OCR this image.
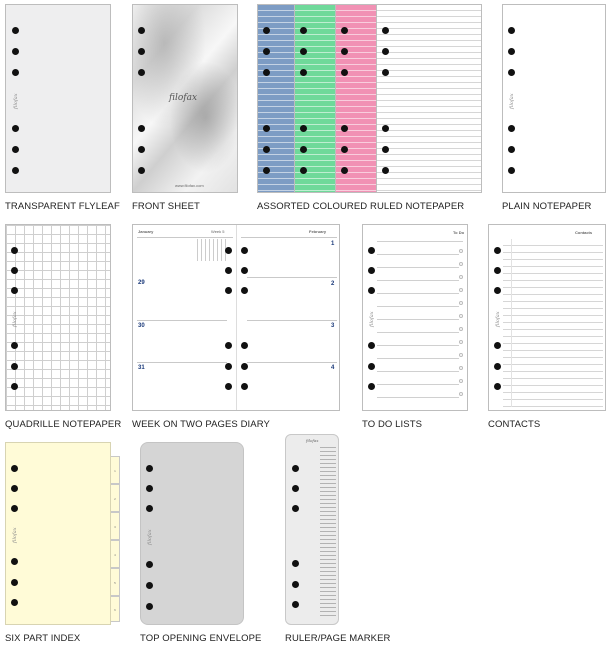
filofax
TRANSPARENT FLYLEAF
filofax
www.filofax.com
FRONT SHEET	ASSORTED COLOURED RULED NOTEPAPER
filofax
PLAIN NOTEPAPER
filofax
QUADRILLE NOTEPAPER
January	Week 5	February
29
30
31
1
2
3
4
WEEK ON TWO PAGES DIARY
To Do
filofax
TO DO LISTS
Contacts
filofax
CONTACTS
filofax
1
2
3
4
5
6
SIX PART INDEX
filofax
TOP OPENING ENVELOPE
filofax
RULER/PAGE MARKER
